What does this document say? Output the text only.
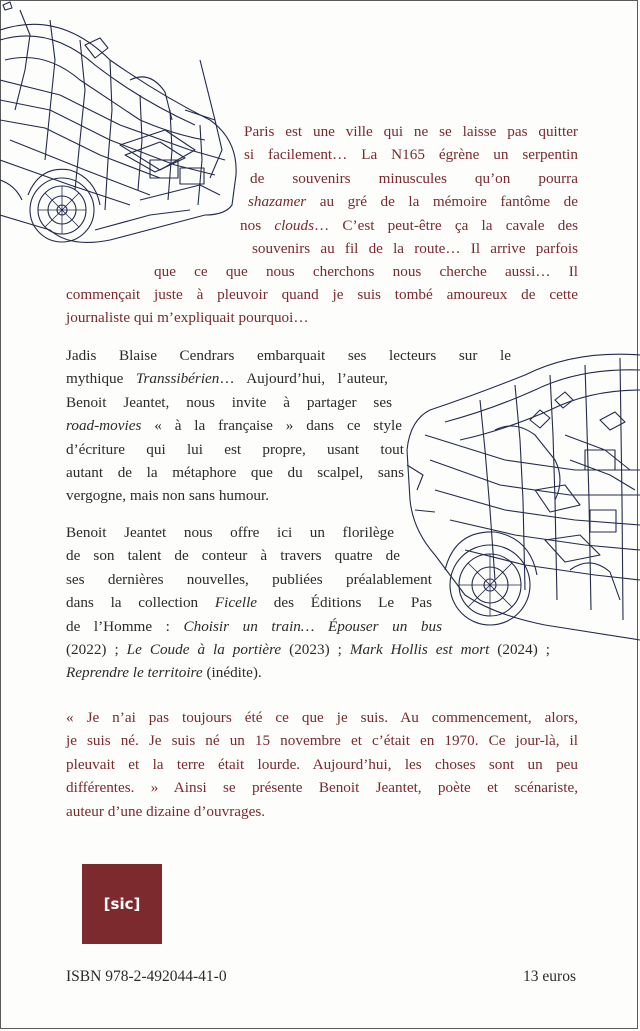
Paris est une ville qui ne se laisse pas quitter
si facilement… La N165 égrène un serpentin
de souvenirs minuscules qu’on pourra
shazamer au gré de la mémoire fantôme de
nos clouds… C’est peut-être ça la cavale des
souvenirs au fil de la route… Il arrive parfois
que ce que nous cherchons nous cherche aussi… Il
commençait juste à pleuvoir quand je suis tombé amoureux de cette
journaliste qui m’expliquait pourquoi…
Jadis Blaise Cendrars embarquait ses lecteurs sur le
mythique Transsibérien… Aujourd’hui, l’auteur,
Benoit Jeantet, nous invite à partager ses
road-movies « à la française » dans ce style
d’écriture qui lui est propre, usant tout
autant de la métaphore que du scalpel, sans
vergogne, mais non sans humour.
Benoit Jeantet nous offre ici un florilège
de son talent de conteur à travers quatre de
ses dernières nouvelles, publiées préalablement
dans la collection Ficelle des Éditions Le Pas
de l’Homme : Choisir un train… Épouser un bus
(2022) ; Le Coude à la portière (2023) ; Mark Hollis est mort (2024) ;
Reprendre le territoire (inédite).
« Je n’ai pas toujours été ce que je suis. Au commencement, alors,
je suis né. Je suis né un 15 novembre et c’était en 1970. Ce jour-là, il
pleuvait et la terre était lourde. Aujourd’hui, les choses sont un peu
différentes. » Ainsi se présente Benoit Jeantet, poète et scénariste,
auteur d’une dizaine d’ouvrages.
[sic]
ISBN 978-2-492044-41-0	13 euros
